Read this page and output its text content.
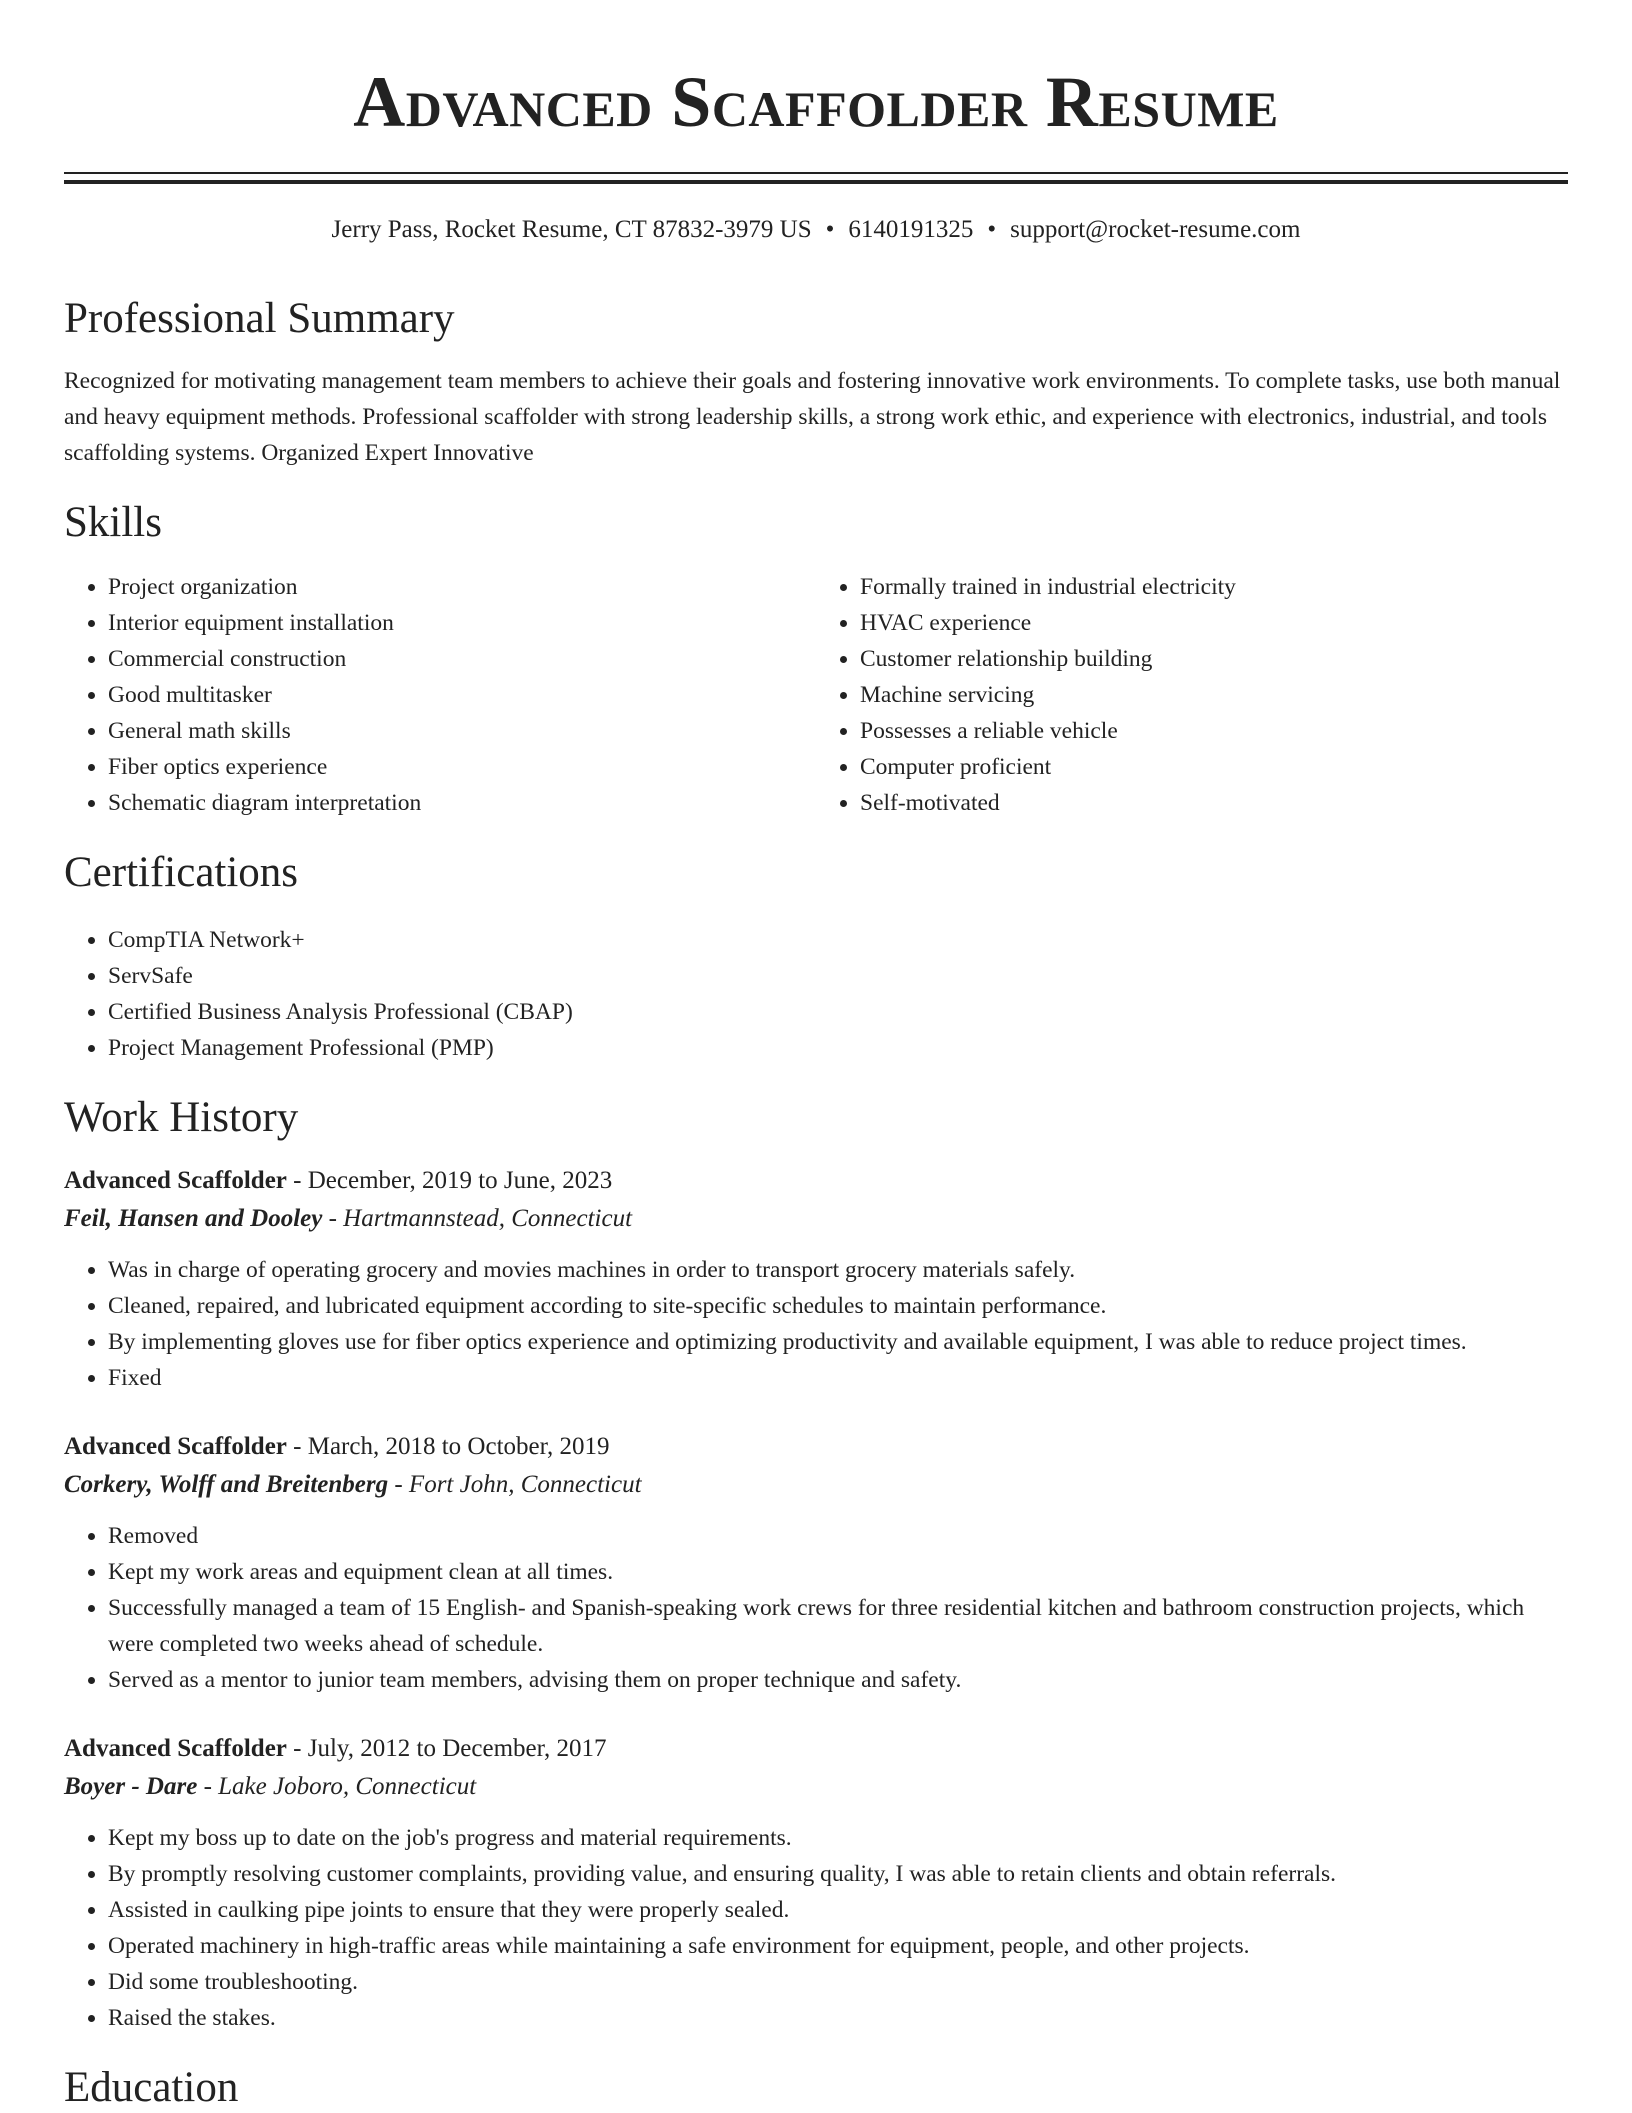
Advanced Scaffolder Resume
Jerry Pass, Rocket Resume, CT 87832-3979 US • 6140191325 • support@rocket-resume.com
Professional Summary

Recognized for motivating management team members to achieve their goals and fostering innovative work environments. To complete tasks, use both manual and heavy equipment methods. Professional scaffolder with strong leadership skills, a strong work ethic, and experience with electronics, industrial, and tools scaffolding systems. Organized Expert Innovative

Skills
• Project organization
• Interior equipment installation
• Commercial construction
• Good multitasker
• General math skills
• Fiber optics experience
• Schematic diagram interpretation
• Formally trained in industrial electricity
• HVAC experience
• Customer relationship building
• Machine servicing
• Possesses a reliable vehicle
• Computer proficient
• Self-motivated
Certifications
• CompTIA Network+
• ServSafe
• Certified Business Analysis Professional (CBAP)
• Project Management Professional (PMP)
Work History
Advanced Scaffolder - December, 2019 to June, 2023
Feil, Hansen and Dooley - Hartmannstead, Connecticut
• Was in charge of operating grocery and movies machines in order to transport grocery materials safely.
• Cleaned, repaired, and lubricated equipment according to site-specific schedules to maintain performance.
• By implementing gloves use for fiber optics experience and optimizing productivity and available equipment, I was able to reduce project times.
• Fixed
Advanced Scaffolder - March, 2018 to October, 2019
Corkery, Wolff and Breitenberg - Fort John, Connecticut
• Removed
• Kept my work areas and equipment clean at all times.
• Successfully managed a team of 15 English- and Spanish-speaking work crews for three residential kitchen and bathroom construction projects, which were completed two weeks ahead of schedule.
• Served as a mentor to junior team members, advising them on proper technique and safety.
Advanced Scaffolder - July, 2012 to December, 2017
Boyer - Dare - Lake Joboro, Connecticut
• Kept my boss up to date on the job's progress and material requirements.
• By promptly resolving customer complaints, providing value, and ensuring quality, I was able to retain clients and obtain referrals.
• Assisted in caulking pipe joints to ensure that they were properly sealed.
• Operated machinery in high-traffic areas while maintaining a safe environment for equipment, people, and other projects.
• Did some troubleshooting.
• Raised the stakes.
Education
